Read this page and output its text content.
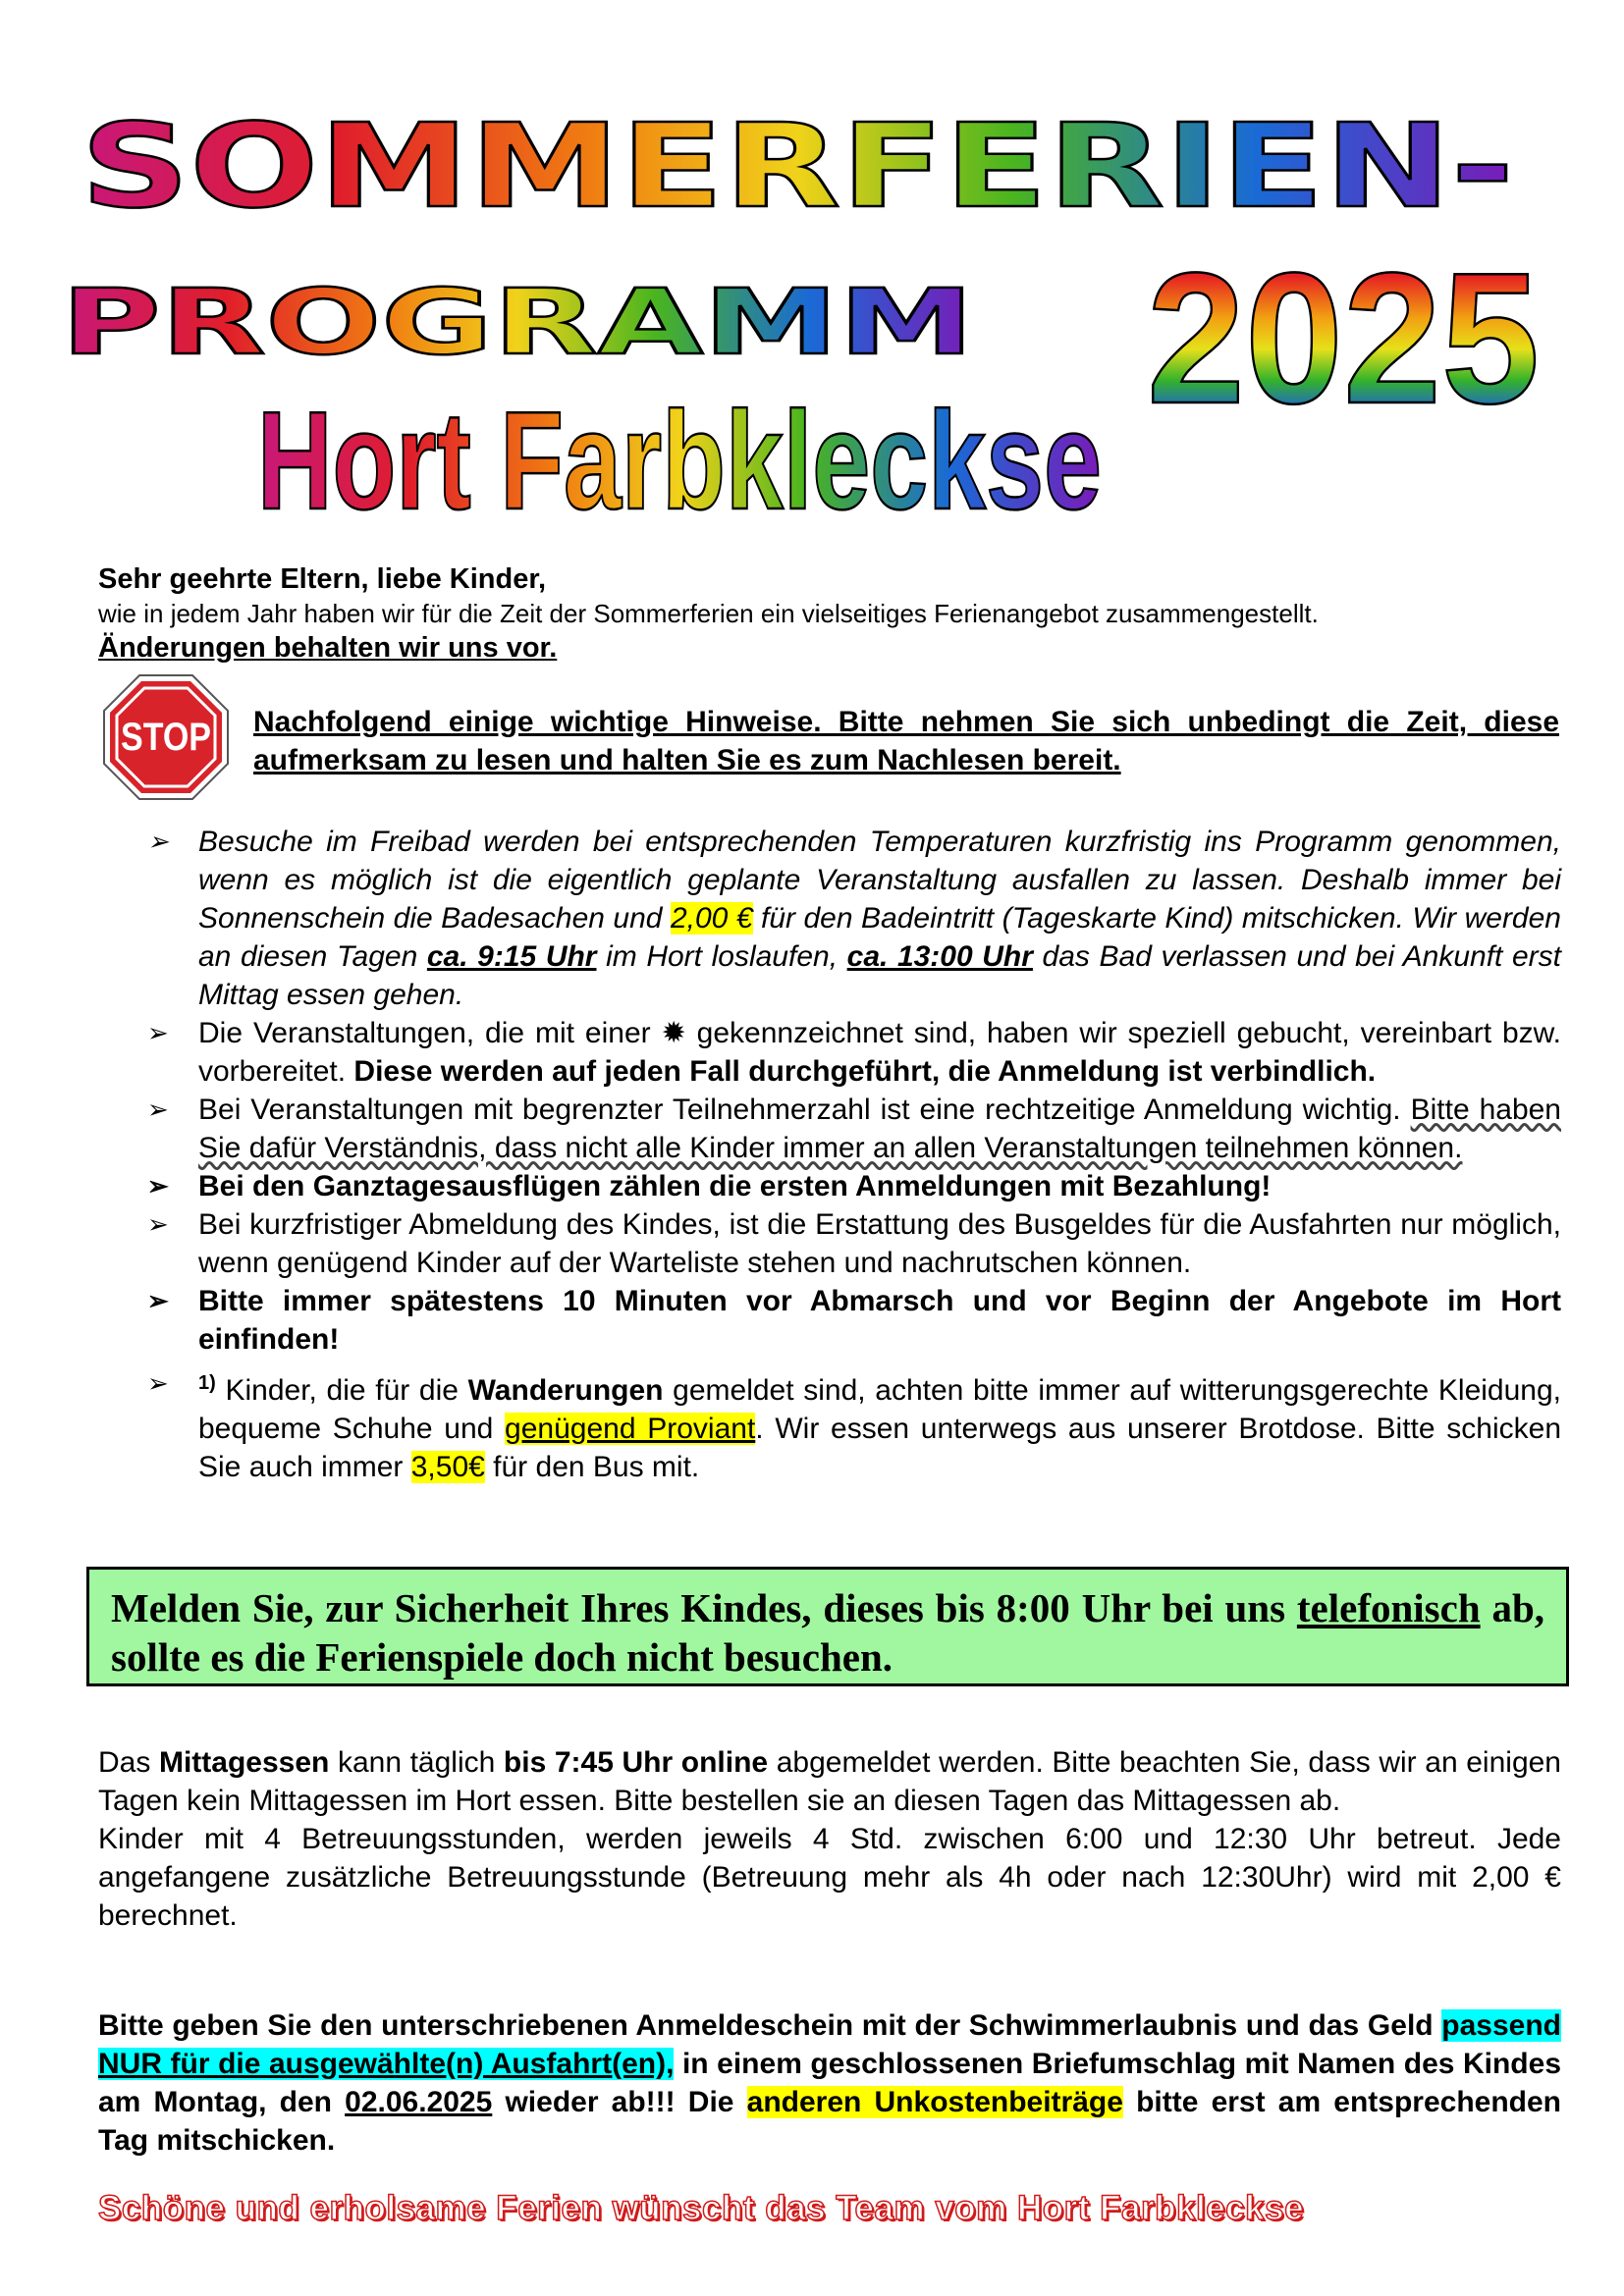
SOMMERFERIEN-
PROGRAMM 2025
Hort Farbkleckse
Sehr geehrte Eltern, liebe Kinder,
wie in jedem Jahr haben wir für die Zeit der Sommerferien ein vielseitiges Ferienangebot zusammengestellt.
Änderungen behalten wir uns vor.
STOP Nachfolgend einige wichtige Hinweise. Bitte nehmen Sie sich unbedingt die Zeit, diese aufmerksam zu lesen und halten Sie es zum Nachlesen bereit.
➢ Besuche im Freibad werden bei entsprechenden Temperaturen kurzfristig ins Programm genommen, wenn es möglich ist die eigentlich geplante Veranstaltung ausfallen zu lassen. Deshalb immer bei Sonnenschein die Badesachen und 2,00 € für den Badeintritt (Tageskarte Kind) mitschicken. Wir werden an diesen Tagen ca. 9:15 Uhr im Hort loslaufen, ca. 13:00 Uhr das Bad verlassen und bei Ankunft erst Mittag essen gehen.
➢ Die Veranstaltungen, die mit einer ✹ gekennzeichnet sind, haben wir speziell gebucht, vereinbart bzw. vorbereitet. Diese werden auf jeden Fall durchgeführt, die Anmeldung ist verbindlich.
➢ Bei Veranstaltungen mit begrenzter Teilnehmerzahl ist eine rechtzeitige Anmeldung wichtig. Bitte haben Sie dafür Verständnis, dass nicht alle Kinder immer an allen Veranstaltungen teilnehmen können.
➢ Bei den Ganztagesausflügen zählen die ersten Anmeldungen mit Bezahlung!
➢ Bei kurzfristiger Abmeldung des Kindes, ist die Erstattung des Busgeldes für die Ausfahrten nur möglich, wenn genügend Kinder auf der Warteliste stehen und nachrutschen können.
➢ Bitte immer spätestens 10 Minuten vor Abmarsch und vor Beginn der Angebote im Hort einfinden!
➢ $^{1)}$ Kinder, die für die Wanderungen gemeldet sind, achten bitte immer auf witterungsgerechte Kleidung, bequeme Schuhe und genügend Proviant. Wir essen unterwegs aus unserer Brotdose. Bitte schicken Sie auch immer 3,50€ für den Bus mit.
Melden Sie, zur Sicherheit Ihres Kindes, dieses bis 8:00 Uhr bei uns telefonisch ab, sollte es die Ferienspiele doch nicht besuchen.

Das Mittagessen kann täglich bis 7:45 Uhr online abgemeldet werden. Bitte beachten Sie, dass wir an einigen Tagen kein Mittagessen im Hort essen. Bitte bestellen sie an diesen Tagen das Mittagessen ab.

Kinder mit 4 Betreuungsstunden, werden jeweils 4 Std. zwischen 6:00 und 12:30 Uhr betreut. Jede angefangene zusätzliche Betreuungsstunde (Betreuung mehr als 4h oder nach 12:30Uhr) wird mit 2,00 € berechnet.

Bitte geben Sie den unterschriebenen Anmeldeschein mit der Schwimmerlaubnis und das Geld passend NUR für die ausgewählte(n) Ausfahrt(en), in einem geschlossenen Briefumschlag mit Namen des Kindes am Montag, den 02.06.2025 wieder ab!!! Die anderen Unkostenbeiträge bitte erst am entsprechenden Tag mitschicken.
Schöne und erholsame Ferien wünscht das Team vom Hort Farbkleckse
